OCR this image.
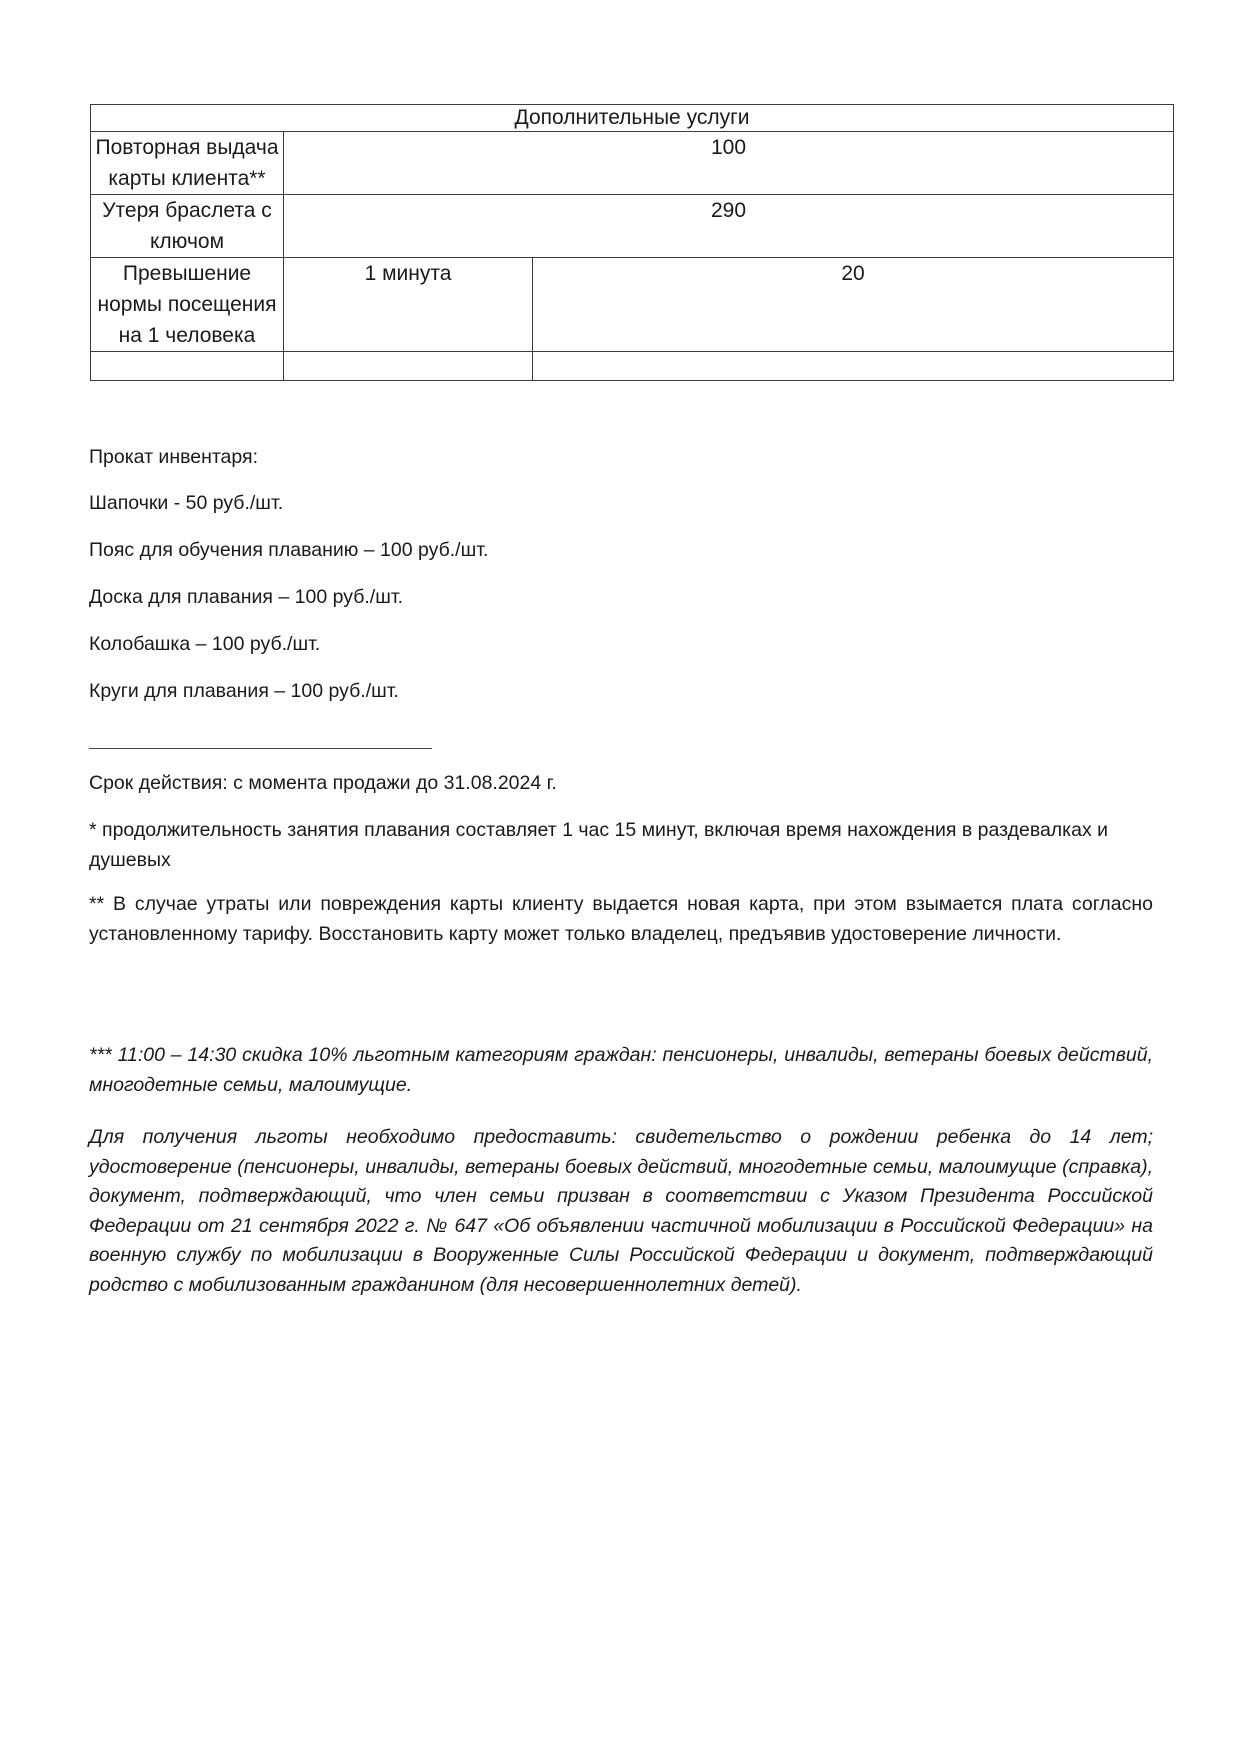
Дополнительные услуги		
Повторная выдача карты клиента**	100	
Утеря браслета с ключом	290	
Превышение нормы посещения на 1 человека	1 минута	20

Прокат инвентаря:
Шапочки - 50 руб./шт.
Пояс для обучения плаванию – 100 руб./шт.
Доска для плавания – 100 руб./шт.
Колобашка – 100 руб./шт.
Круги для плавания – 100 руб./шт.
Срок действия: с момента продажи до 31.08.2024 г.
* продолжительность занятия плавания составляет 1 час 15 минут, включая время нахождения в раздевалках и душевых
** В случае утраты или повреждения карты клиенту выдается новая карта, при этом взымается плата согласно установленному тарифу. Восстановить карту может только владелец, предъявив удостоверение личности.
*** 11:00 – 14:30 скидка 10% льготным категориям граждан: пенсионеры, инвалиды, ветераны боевых действий, многодетные семьи, малоимущие.
Для получения льготы необходимо предоставить: свидетельство о рождении ребенка до 14 лет; удостоверение (пенсионеры, инвалиды, ветераны боевых действий, многодетные семьи, малоимущие (справка), документ, подтверждающий, что член семьи призван в соответствии с Указом Президента Российской Федерации от 21 сентября 2022 г. № 647 «Об объявлении частичной мобилизации в Российской Федерации» на военную службу по мобилизации в Вооруженные Силы Российской Федерации и документ, подтверждающий родство с мобилизованным гражданином (для несовершеннолетних детей).
